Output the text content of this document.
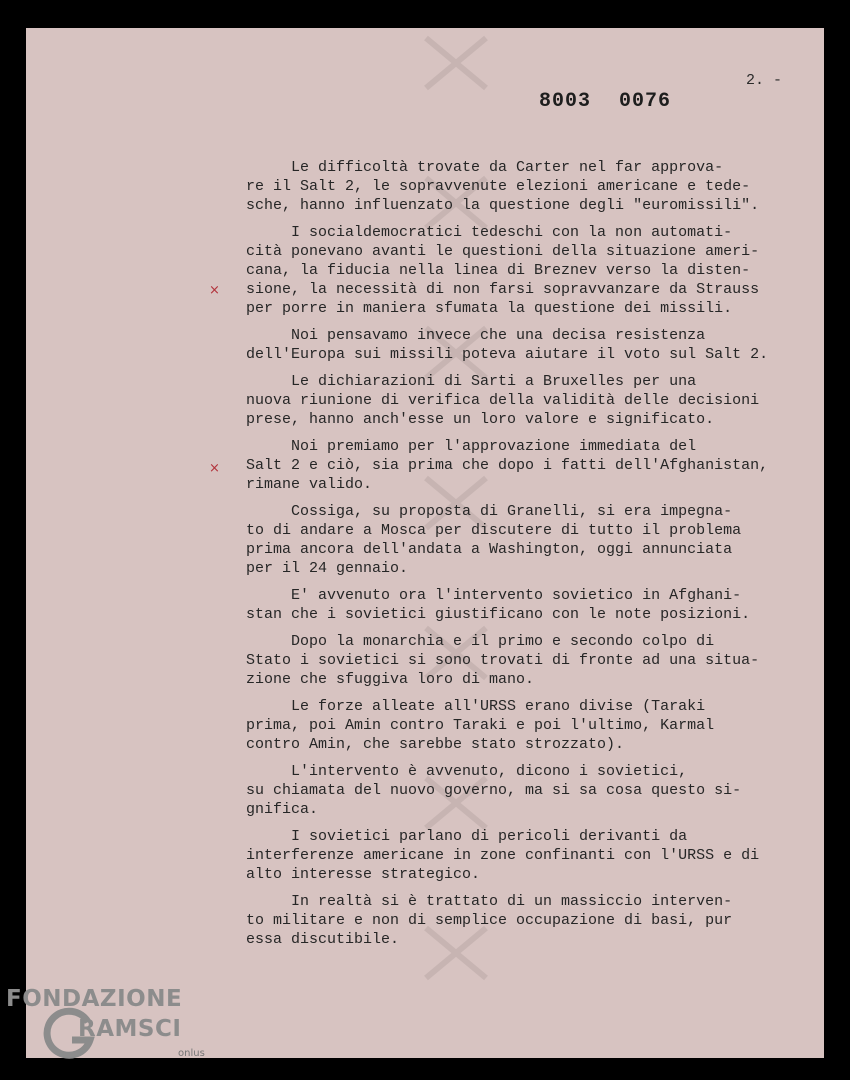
2. -
8003 0076
×
×

Le difficoltà trovate da Carter nel far approva-
re il Salt 2, le sopravvenute elezioni americane e tede-
sche, hanno influenzato la questione degli "euromissili".

I socialdemocratici tedeschi con la non automati-
cità ponevano avanti le questioni della situazione ameri-
cana, la fiducia nella linea di Breznev verso la disten-
sione, la necessità di non farsi sopravvanzare da Strauss
per porre in maniera sfumata la questione dei missili.

Noi pensavamo invece che una decisa resistenza
dell'Europa sui missili poteva aiutare il voto sul Salt 2.

Le dichiarazioni di Sarti a Bruxelles per una
nuova riunione di verifica della validità delle decisioni
prese, hanno anch'esse un loro valore e significato.

Noi premiamo per l'approvazione immediata del
Salt 2 e ciò, sia prima che dopo i fatti dell'Afghanistan,
rimane valido.

Cossiga, su proposta di Granelli, si era impegna-
to di andare a Mosca per discutere di tutto il problema
prima ancora dell'andata a Washington, oggi annunciata
per il 24 gennaio.

E' avvenuto ora l'intervento sovietico in Afghani-
stan che i sovietici giustificano con le note posizioni.

Dopo la monarchia e il primo e secondo colpo di
Stato i sovietici si sono trovati di fronte ad una situa-
zione che sfuggiva loro di mano.

Le forze alleate all'URSS erano divise (Taraki
prima, poi Amin contro Taraki e poi l'ultimo, Karmal
contro Amin, che sarebbe stato strozzato).

L'intervento è avvenuto, dicono i sovietici,
su chiamata del nuovo governo, ma si sa cosa questo si-
gnifica.

I sovietici parlano di pericoli derivanti da
interferenze americane in zone confinanti con l'URSS e di
alto interesse strategico.

In realtà si è trattato di un massiccio interven-
to militare e non di semplice occupazione di basi, pur
essa discutibile.

FONDAZIONE
RAMSCI
onlus
